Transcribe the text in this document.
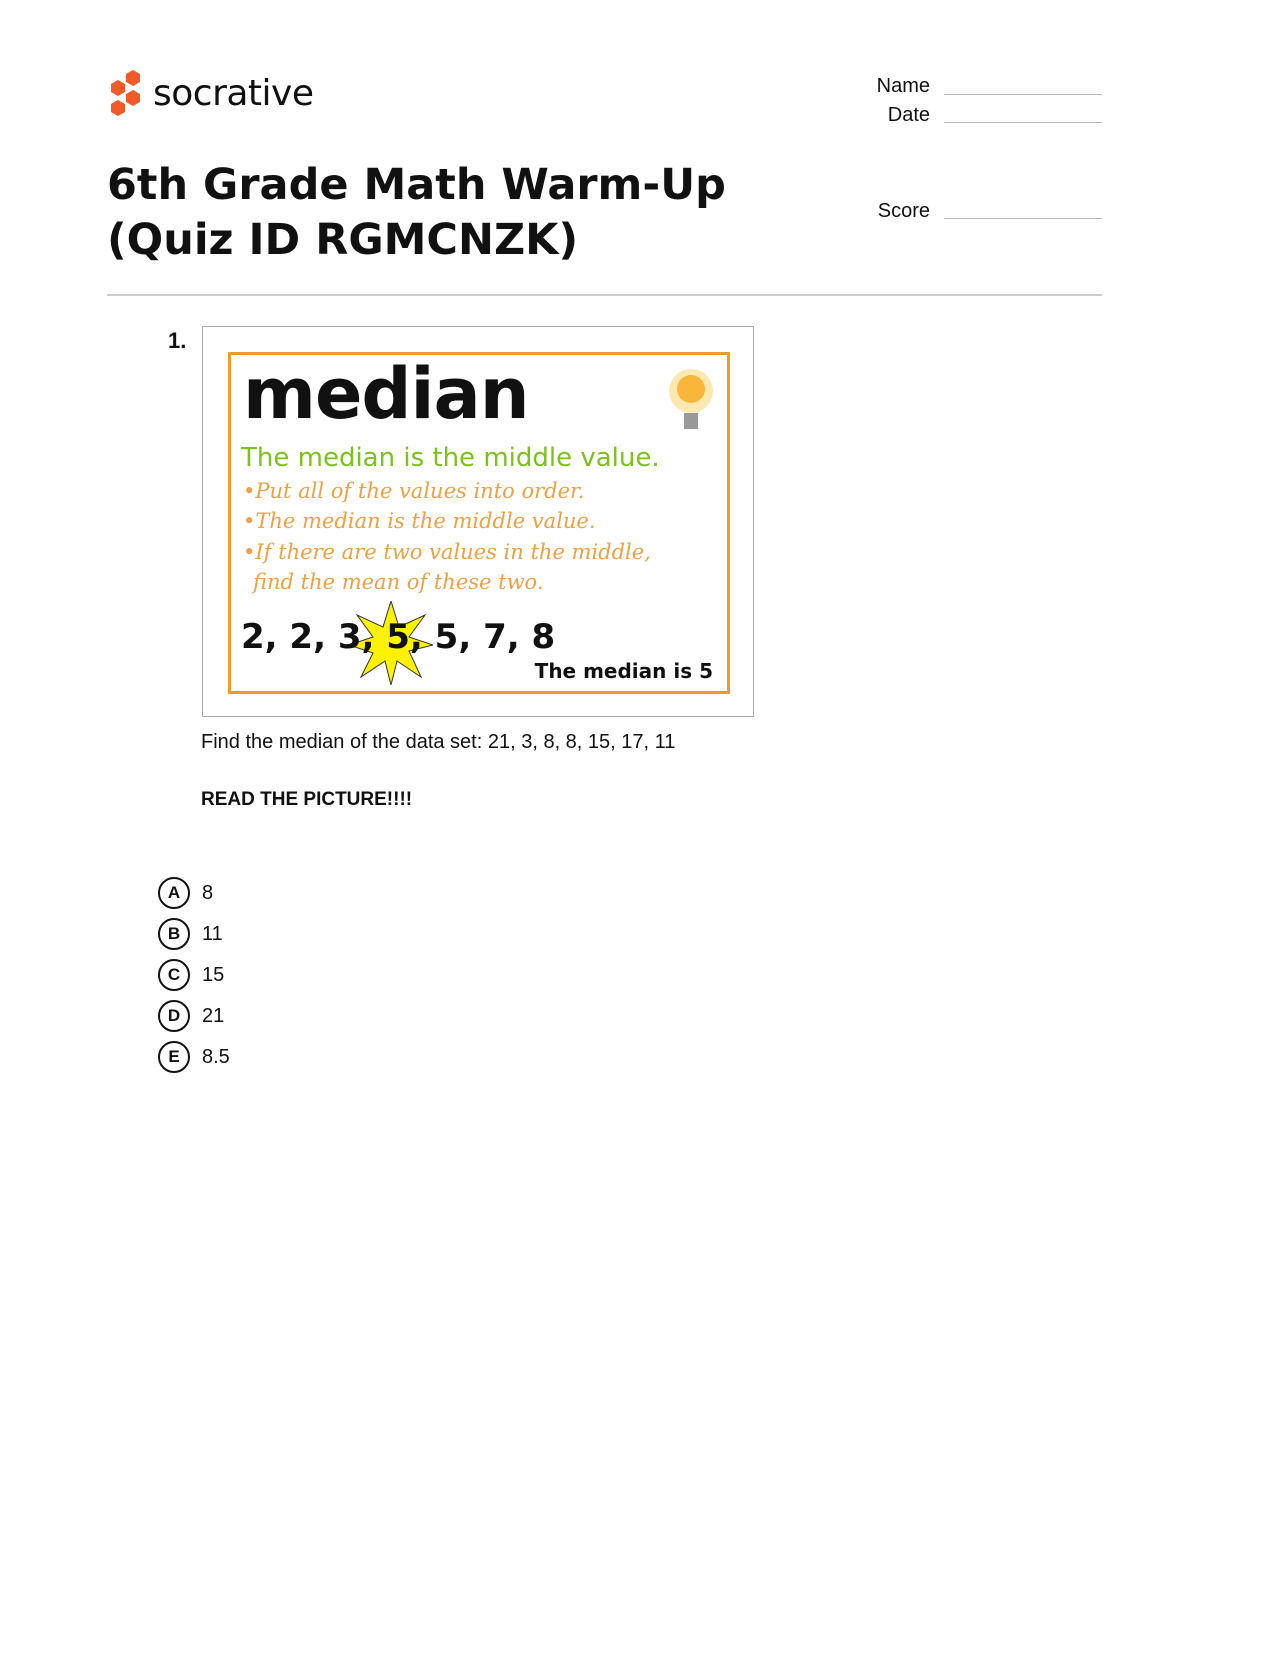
socrative	Name
Date
Score
6th Grade Math Warm-Up (Quiz ID RGMCNZK)
1.
median
The median is the middle value.
•Put all of the values into order.
•The median is the middle value.
•If there are two values in the middle,
find the mean of these two.
2, 2, 3, 5, 5, 7, 8
The median is 5
Find the median of the data set: 21, 3, 8, 8, 15, 17, 11
READ THE PICTURE!!!!
A	8
B	11
C	15
D	21
E	8.5
